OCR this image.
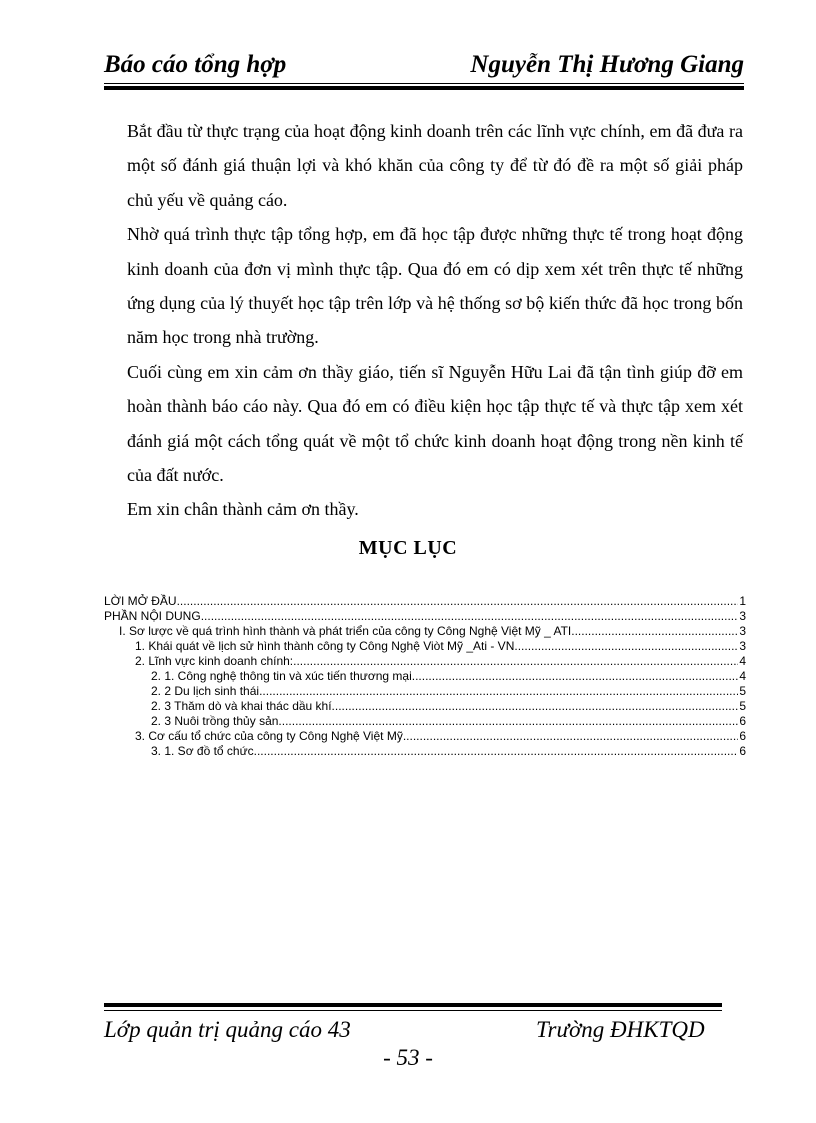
Báo cáo tổng hợp	Nguyễn Thị Hương Giang

Bắt đầu từ thực trạng của hoạt động kinh doanh trên các lĩnh vực chính, em đã đưa ra một số đánh giá thuận lợi và khó khăn của công ty để từ đó đề ra một số giải pháp chủ yếu về quảng cáo.

Nhờ quá trình thực tập tổng hợp, em đã học tập được những thực tế trong hoạt động kinh doanh của đơn vị mình thực tập. Qua đó em có dịp xem xét trên thực tế những ứng dụng của lý thuyết học tập trên lớp và hệ thống sơ bộ kiến thức đã học trong bốn năm học trong nhà trường.

Cuối cùng em xin cảm ơn thầy giáo, tiến sĩ Nguyễn Hữu Lai đã tận tình giúp đỡ em hoàn thành báo cáo này. Qua đó em có điều kiện học tập thực tế và thực tập xem xét đánh giá một cách tổng quát về một tổ chức kinh doanh hoạt động trong nền kinh tế của đất nước.

Em xin chân thành cảm ơn thầy.

MỤC LỤC
LỜI MỞ ĐẦU .....	1
PHẦN NỘI DUNG .....	3
I. Sơ lược về quá trình hình thành và phát triển của công ty Công Nghệ Việt Mỹ _ ATI .....	3
1. Khái quát về lịch sử hình thành công ty Công Nghệ Viòt Mỹ _Ati - VN .....	3
2. Lĩnh vực kinh doanh chính: .....	4
2. 1. Công nghệ thông tin và xúc tiến thương mại .....	4
2. 2 Du lịch sinh thái .....	5
2. 3 Thăm dò và khai thác dầu khí. .....	5
2. 3 Nuôi trồng thủy sản. .....	6
3. Cơ cấu tổ chức của công ty Công Nghệ Việt Mỹ .....	6
3. 1. Sơ đồ tổ chức .....	6
Lớp quản trị quảng cáo 43	Trường ĐHKTQD
- 53 -
